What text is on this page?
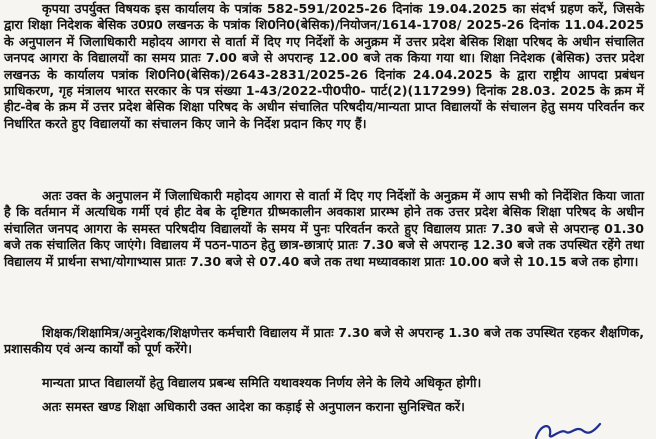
कृपया उपर्युक्त विषयक इस कार्यालय के पत्रांक 582-591/2025-26 दिनांक 19.04.2025 का संदर्भ ग्रहण करें, जिसके द्वारा शिक्षा निदेशक बेसिक उ0प्र0 लखनऊ के पत्रांक शि0नि0(बेसिक)/नियोजन/1614-1708/ 2025-26 दिनांक 11.04.2025 के अनुपालन में जिलाधिकारी महोदय आगरा से वार्ता में दिए गए निर्देशों के अनुक्रम में उत्तर प्रदेश बेसिक शिक्षा परिषद के अधीन संचालित जनपद आगरा के विद्यालयों का समय प्रातः 7.00 बजे से अपरान्ह 12.00 बजे तक किया गया था। शिक्षा निदेशक (बेसिक) उत्तर प्रदेश लखनऊ के कार्यालय पत्रांक शि0नि0(बेसिक)/2643-2831/2025-26 दिनांक 24.04.2025 के द्वारा राष्ट्रीय आपदा प्रबंधन प्राधिकरण, गृह मंत्रालय भारत सरकार के पत्र संख्या 1-43/2022-पी0पी0- पार्ट(2)(117299) दिनांक 28.03. 2025 के क्रम में हीट-वेब के क्रम में उत्तर प्रदेश बेसिक शिक्षा परिषद के अधीन संचालित परिषदीय/मान्यता प्राप्त विद्यालयों के संचालन हेतु समय परिवर्तन कर निर्धारित करते हुए विद्यालयों का संचालन किए जाने के निर्देश प्रदान किए गए हैं।

अतः उक्त के अनुपालन में जिलाधिकारी महोदय आगरा से वार्ता में दिए गए निर्देशों के अनुक्रम में आप सभी को निर्देशित किया जाता है कि वर्तमान में अत्यधिक गर्मी एवं हीट वेब के दृष्टिगत ग्रीष्मकालीन अवकाश प्रारम्भ होने तक उत्तर प्रदेश बेसिक शिक्षा परिषद के अधीन संचालित जनपद आगरा के समस्त परिषदीय विद्यालयों के समय में पुनः परिवर्तन करते हुए विद्यालय प्रातः 7.30 बजे से अपरान्ह 01.30 बजे तक संचालित किए जाएंगे। विद्यालय में पठन-पाठन हेतु छात्र-छात्राएं प्रातः 7.30 बजे से अपरान्ह 12.30 बजे तक उपस्थित रहेंगे तथा विद्यालय में प्रार्थना सभा/योगाभ्यास प्रातः 7.30 बजे से 07.40 बजे तक तथा मध्यावकाश प्रातः 10.00 बजे से 10.15 बजे तक होगा।

शिक्षक/शिक्षामित्र/अनुदेशक/शिक्षणेत्तर कर्मचारी विद्यालय में प्रातः 7.30 बजे से अपरान्ह 1.30 बजे तक उपस्थित रहकर शैक्षणिक, प्रशासकीय एवं अन्य कार्यों को पूर्ण करेंगे।

मान्यता प्राप्त विद्यालयों हेतु विद्यालय प्रबन्ध समिति यथावश्यक निर्णय लेने के लिये अधिकृत होगी।

अतः समस्त खण्ड शिक्षा अधिकारी उक्त आदेश का कड़ाई से अनुपालन कराना सुनिश्चित करें।
